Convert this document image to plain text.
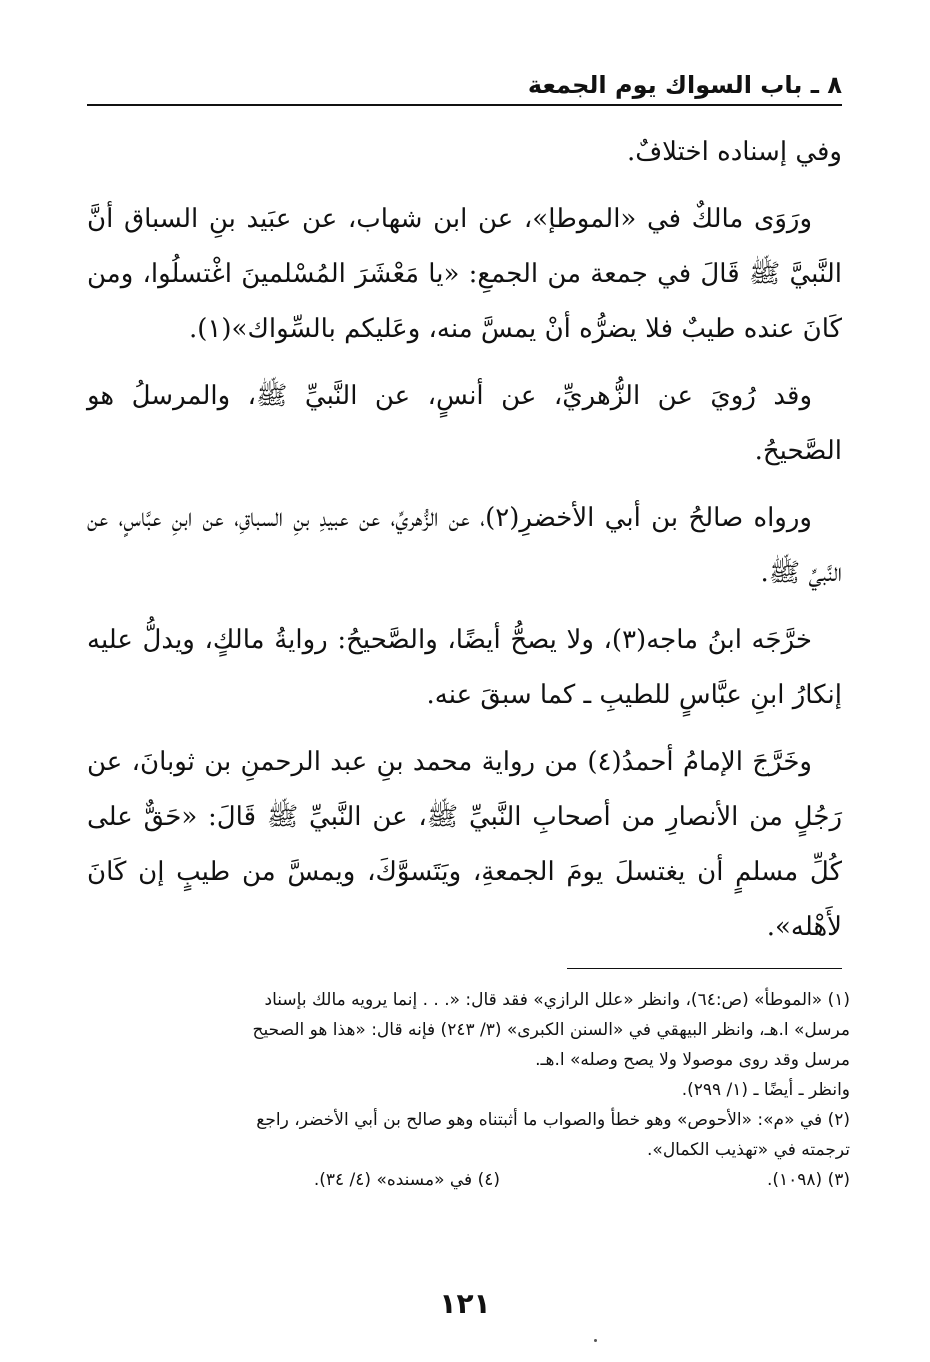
٨ ـ باب السواك يوم الجمعة

وفي إسناده اختلافٌ.

ورَوَى مالكٌ في «الموطإ»، عن ابن شهاب، عن عبَيد بنِ السباق أنَّ النَّبيَّ ﷺ قَالَ في جمعة من الجمعِ: «يا مَعْشَرَ المُسْلمينَ اغْتسلُوا، ومن كَانَ عنده طيبٌ فلا يضرُّه أنْ يمسَّ منه، وعَليكم بالسِّواك»(١).

وقد رُويَ عن الزُّهريِّ، عن أنسٍ، عن النَّبيِّ ﷺ، والمرسلُ هو الصَّحيحُ.

ورواه صالحُ بن أبي الأخضرِ(٢)، عن الزُّهريِّ، عن عبيدِ بنِ السباقِ، عن ابنِ عبَّاسٍ، عن النَّبيِّ ﷺ.

خرَّجَه ابنُ ماجه(٣)، ولا يصحُّ أيضًا، والصَّحيحُ: روايةُ مالكٍ، ويدلُّ عليه إنكارُ ابنِ عبَّاسٍ للطيبِ ـ كما سبقَ عنه.

وخَرَّجَ الإمامُ أحمدُ(٤) من رواية محمد بنِ عبد الرحمنِ بن ثوبانَ، عن رَجُلٍ من الأنصارِ من أصحابِ النَّبيِّ ﷺ، عن النَّبيِّ ﷺ قَالَ: «حَقٌّ على كُلِّ مسلمٍ أن يغتسلَ يومَ الجمعةِ، ويَتَسوَّكَ، ويمسَّ من طيبٍ إن كَانَ لأَهْله».

(١) «الموطأ» (ص:٦٤)، وانظر «علل الرازي» فقد قال: «. . . إنما يرويه مالك بإسناد

مرسل» ا.هـ، وانظر البيهقي في «السنن الكبرى» (٣/ ٢٤٣) فإنه قال: «هذا هو الصحيح

مرسل وقد روى موصولا ولا يصح وصله» ا.هـ.

وانظر ـ أيضًا ـ (١/ ٢٩٩).

(٢) في «م»: «الأحوص» وهو خطأ والصواب ما أثبتناه وهو صالح بن أبي الأخضر، راجع

ترجمته في «تهذيب الكمال».

(٣) (١٠٩٨).
(٤) في «مسنده» (٤/ ٣٤).
١٢١
